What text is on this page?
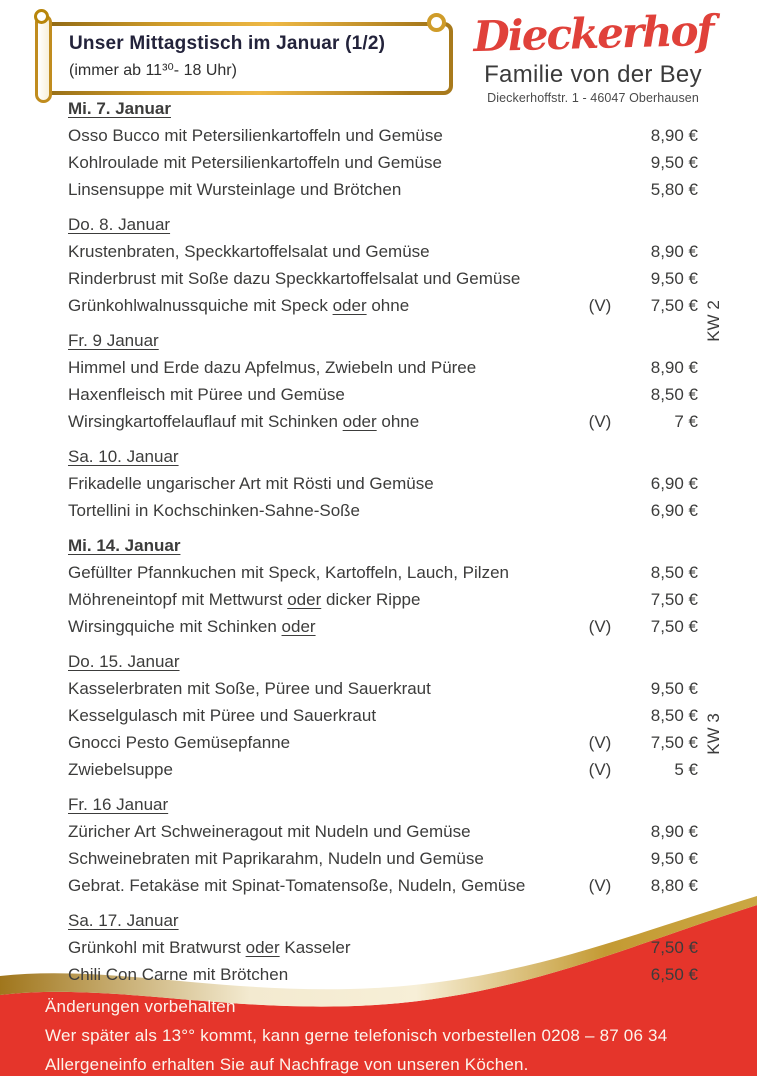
Unser Mittagstisch im Januar (1/2)
(immer ab 11³⁰- 18 Uhr)
Dieckerhof
Familie von der Bey
Dieckerhoffstr. 1 - 46047 Oberhausen
Mi. 7. Januar
Osso Bucco mit Petersilienkartoffeln und Gemüse	8,90 €
Kohlroulade mit Petersilienkartoffeln und Gemüse	9,50 €
Linsensuppe mit Wursteinlage und Brötchen	5,80 €
Do. 8. Januar
Krustenbraten, Speckkartoffelsalat und Gemüse	8,90 €
Rinderbrust mit Soße dazu Speckkartoffelsalat und Gemüse	9,50 €
Grünkohlwalnussquiche mit Speck oder ohne	(V)	7,50 €
Fr. 9 Januar
Himmel und Erde dazu Apfelmus, Zwiebeln und Püree	8,90 €
Haxenfleisch mit Püree und Gemüse	8,50 €
Wirsingkartoffelauflauf mit Schinken oder ohne	(V)	7 €
Sa. 10. Januar
Frikadelle ungarischer Art mit Rösti und Gemüse	6,90 €
Tortellini in Kochschinken-Sahne-Soße	6,90 €
Mi. 14. Januar
Gefüllter Pfannkuchen mit Speck, Kartoffeln, Lauch, Pilzen	8,50 €
Möhreneintopf mit Mettwurst oder dicker Rippe	7,50 €
Wirsingquiche mit Schinken oder	(V)	7,50 €
Do. 15. Januar
Kasselerbraten mit Soße, Püree und Sauerkraut	9,50 €
Kesselgulasch mit Püree und Sauerkraut	8,50 €
Gnocci Pesto Gemüsepfanne	(V)	7,50 €
Zwiebelsuppe	(V)	5 €
Fr. 16 Januar
Züricher Art Schweineragout mit Nudeln und Gemüse	8,90 €
Schweinebraten mit Paprikarahm, Nudeln und Gemüse	9,50 €
Gebrat. Fetakäse mit Spinat-Tomatensoße, Nudeln, Gemüse	(V)	8,80 €
Sa. 17. Januar
Grünkohl mit Bratwurst oder Kasseler	7,50 €
Chili Con Carne mit Brötchen	6,50 €
KW 2
KW 3
Änderungen vorbehalten
Wer später als 13°° kommt, kann gerne telefonisch vorbestellen 0208 – 87 06 34
Allergeneinfo erhalten Sie auf Nachfrage von unseren Köchen.
